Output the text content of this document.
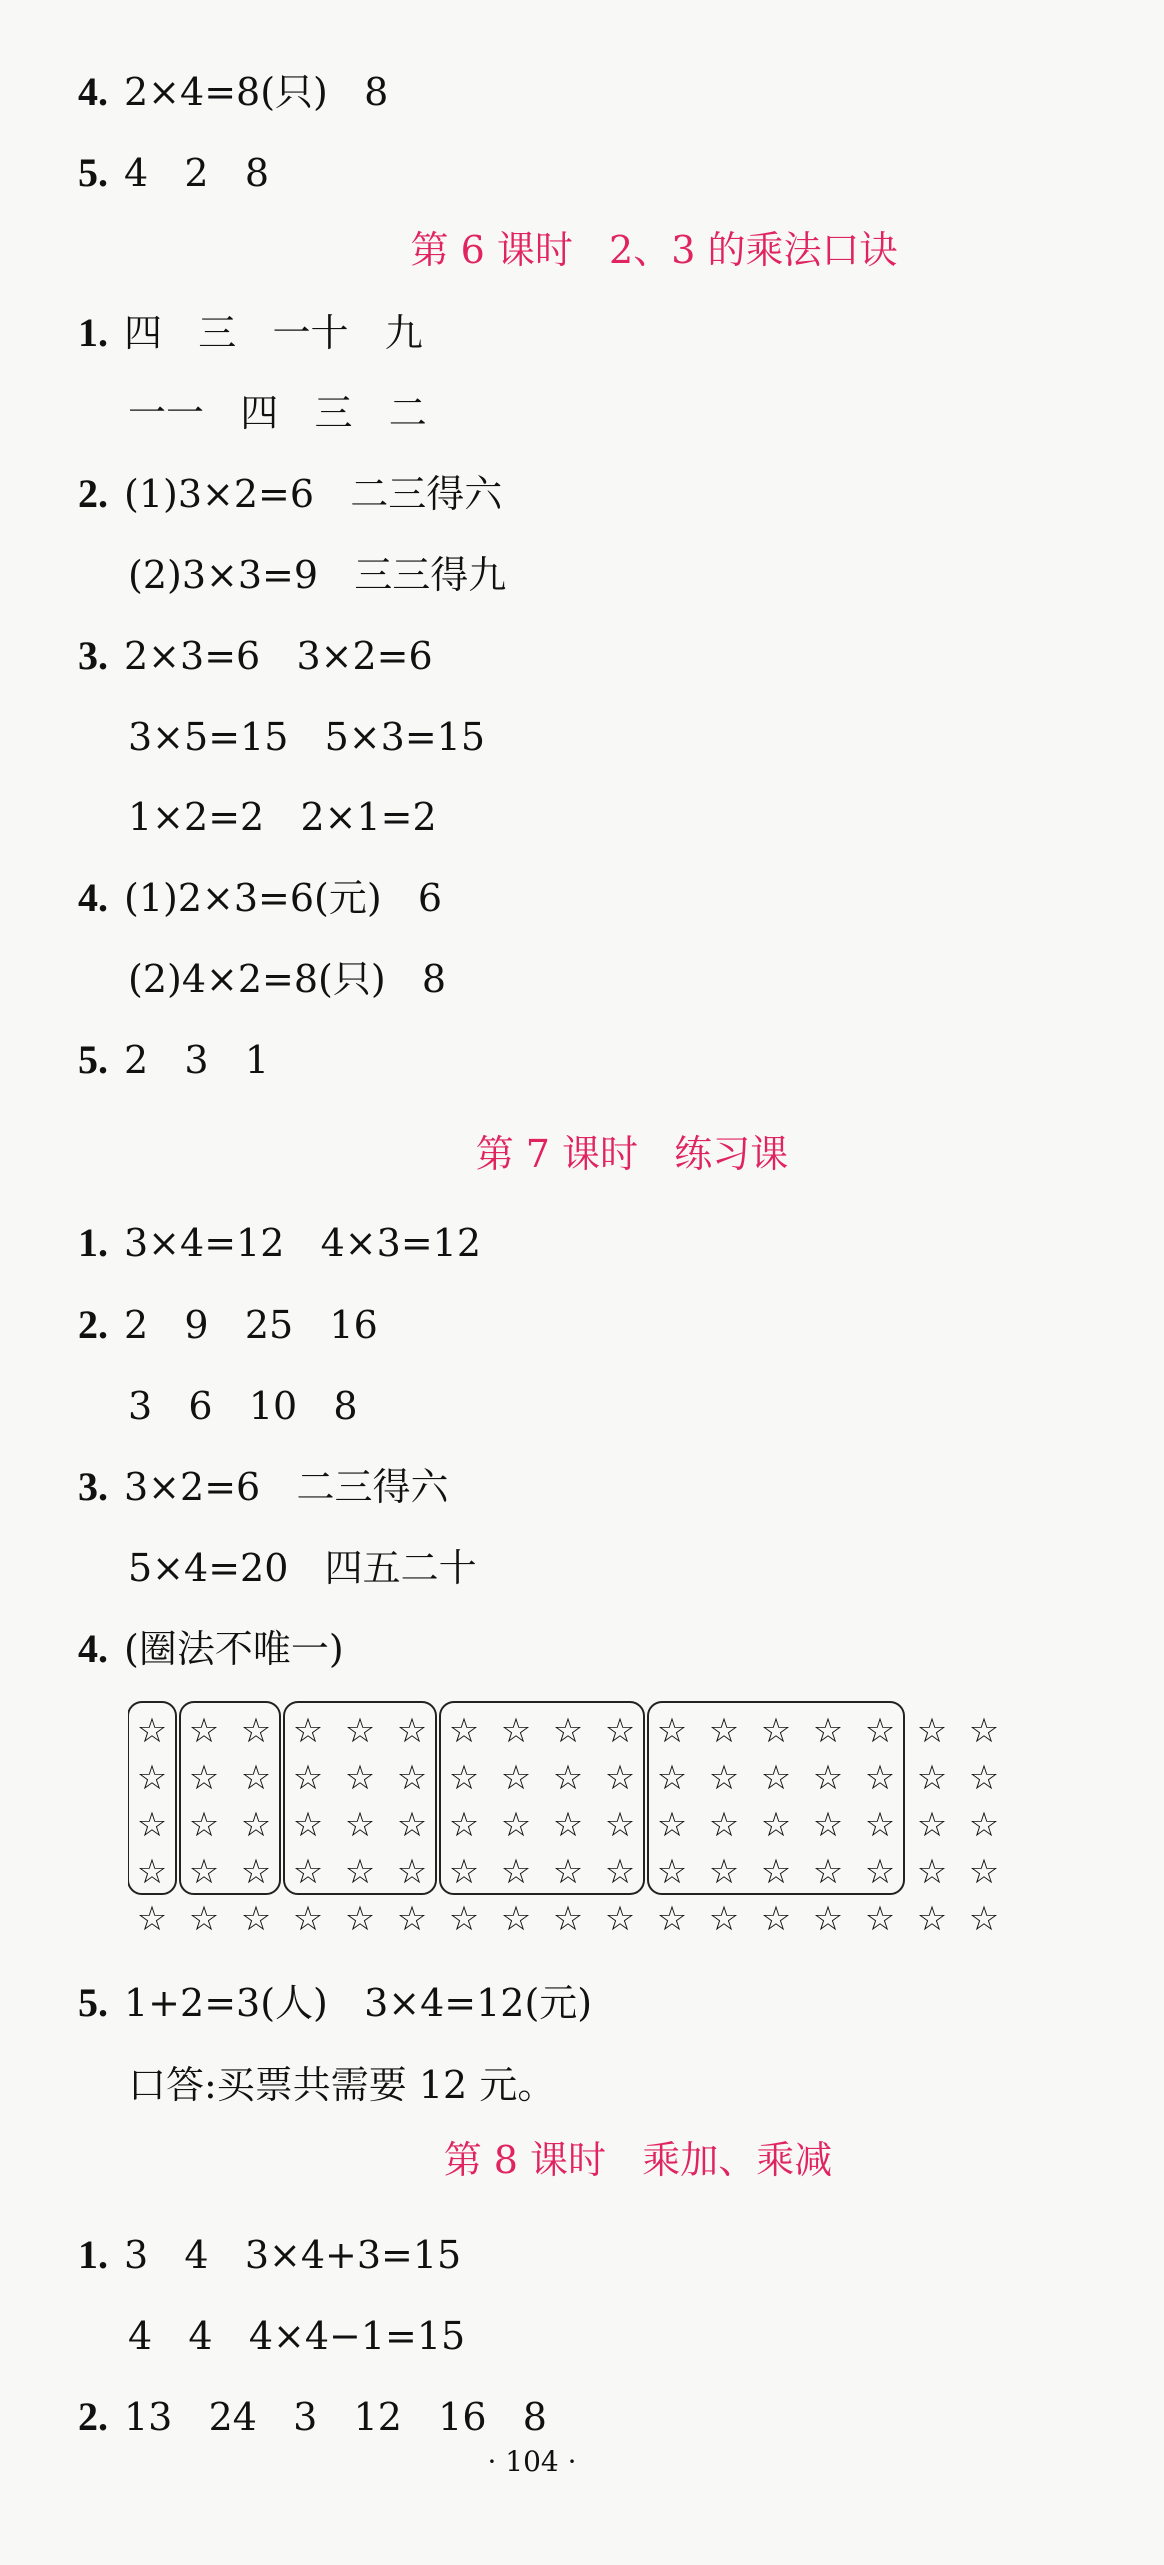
4. 2×4=8(只)   8
5. 4   2   8
第 6 课时   2、3 的乘法口诀
1. 四   三   一十   九
一一   四   三   二
2. (1)3×2=6   二三得六
(2)3×3=9   三三得九
3. 2×3=6   3×2=6
3×5=15   5×3=15
1×2=2   2×1=2
4. (1)2×3=6(元)   6
(2)4×2=8(只)   8
5. 2   3   1
第 7 课时   练习课
1. 3×4=12   4×3=12
2. 2   9   25   16
3   6   10   8
3. 3×2=6   二三得六
5×4=20   四五二十
4. (圈法不唯一)
☆ ☆ ☆ ☆ ☆ ☆ ☆ ☆ ☆ ☆ ☆ ☆ ☆ ☆ ☆ ☆ ☆
☆ ☆ ☆ ☆ ☆ ☆ ☆ ☆ ☆ ☆ ☆ ☆ ☆ ☆ ☆ ☆ ☆
☆ ☆ ☆ ☆ ☆ ☆ ☆ ☆ ☆ ☆ ☆ ☆ ☆ ☆ ☆ ☆ ☆
☆ ☆ ☆ ☆ ☆ ☆ ☆ ☆ ☆ ☆ ☆ ☆ ☆ ☆ ☆ ☆ ☆
☆ ☆ ☆ ☆ ☆ ☆ ☆ ☆ ☆ ☆ ☆ ☆ ☆ ☆ ☆ ☆ ☆
5. 1+2=3(人)   3×4=12(元)
口答:买票共需要 12 元。
第 8 课时   乘加、乘减
1. 3   4   3×4+3=15
4   4   4×4−1=15
2. 13   24   3   12   16   8
· 104 ·
